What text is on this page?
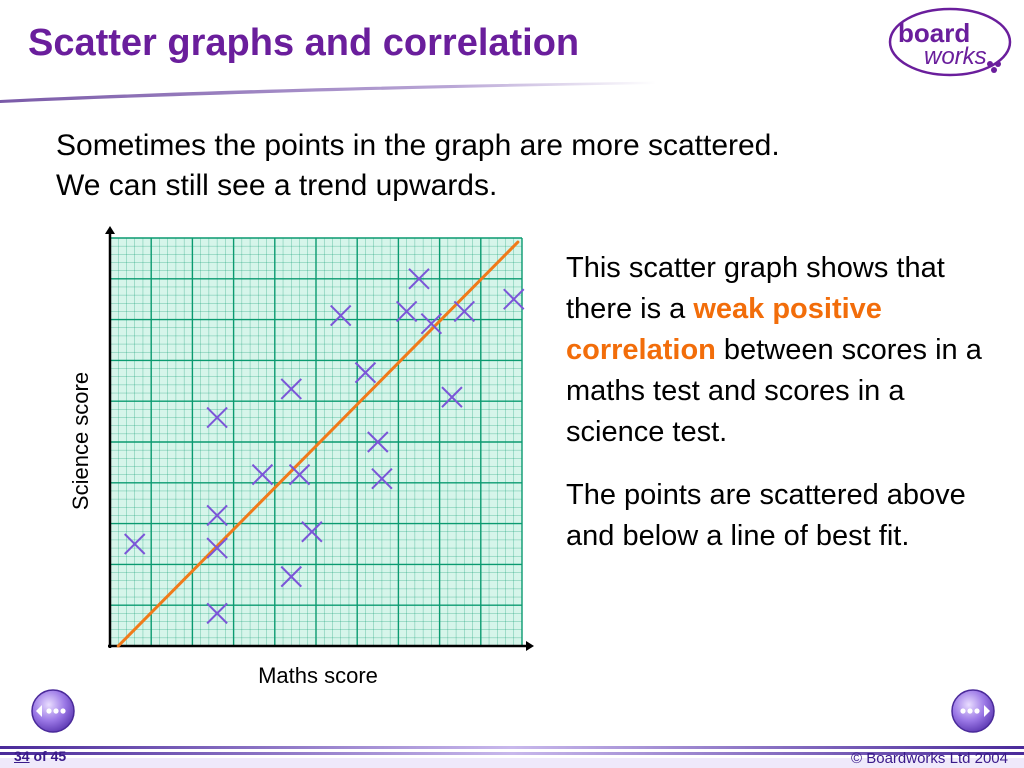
Scatter graphs and correlation	board
works
Sometimes the points in the graph are more scattered.
We can still see a trend upwards.
Maths score
Science score

This scatter graph shows that there is a weak positive correlation between scores in a maths test and scores in a science test.

The points are scattered above and below a line of best fit.

34 of 45	© Boardworks Ltd 2004
